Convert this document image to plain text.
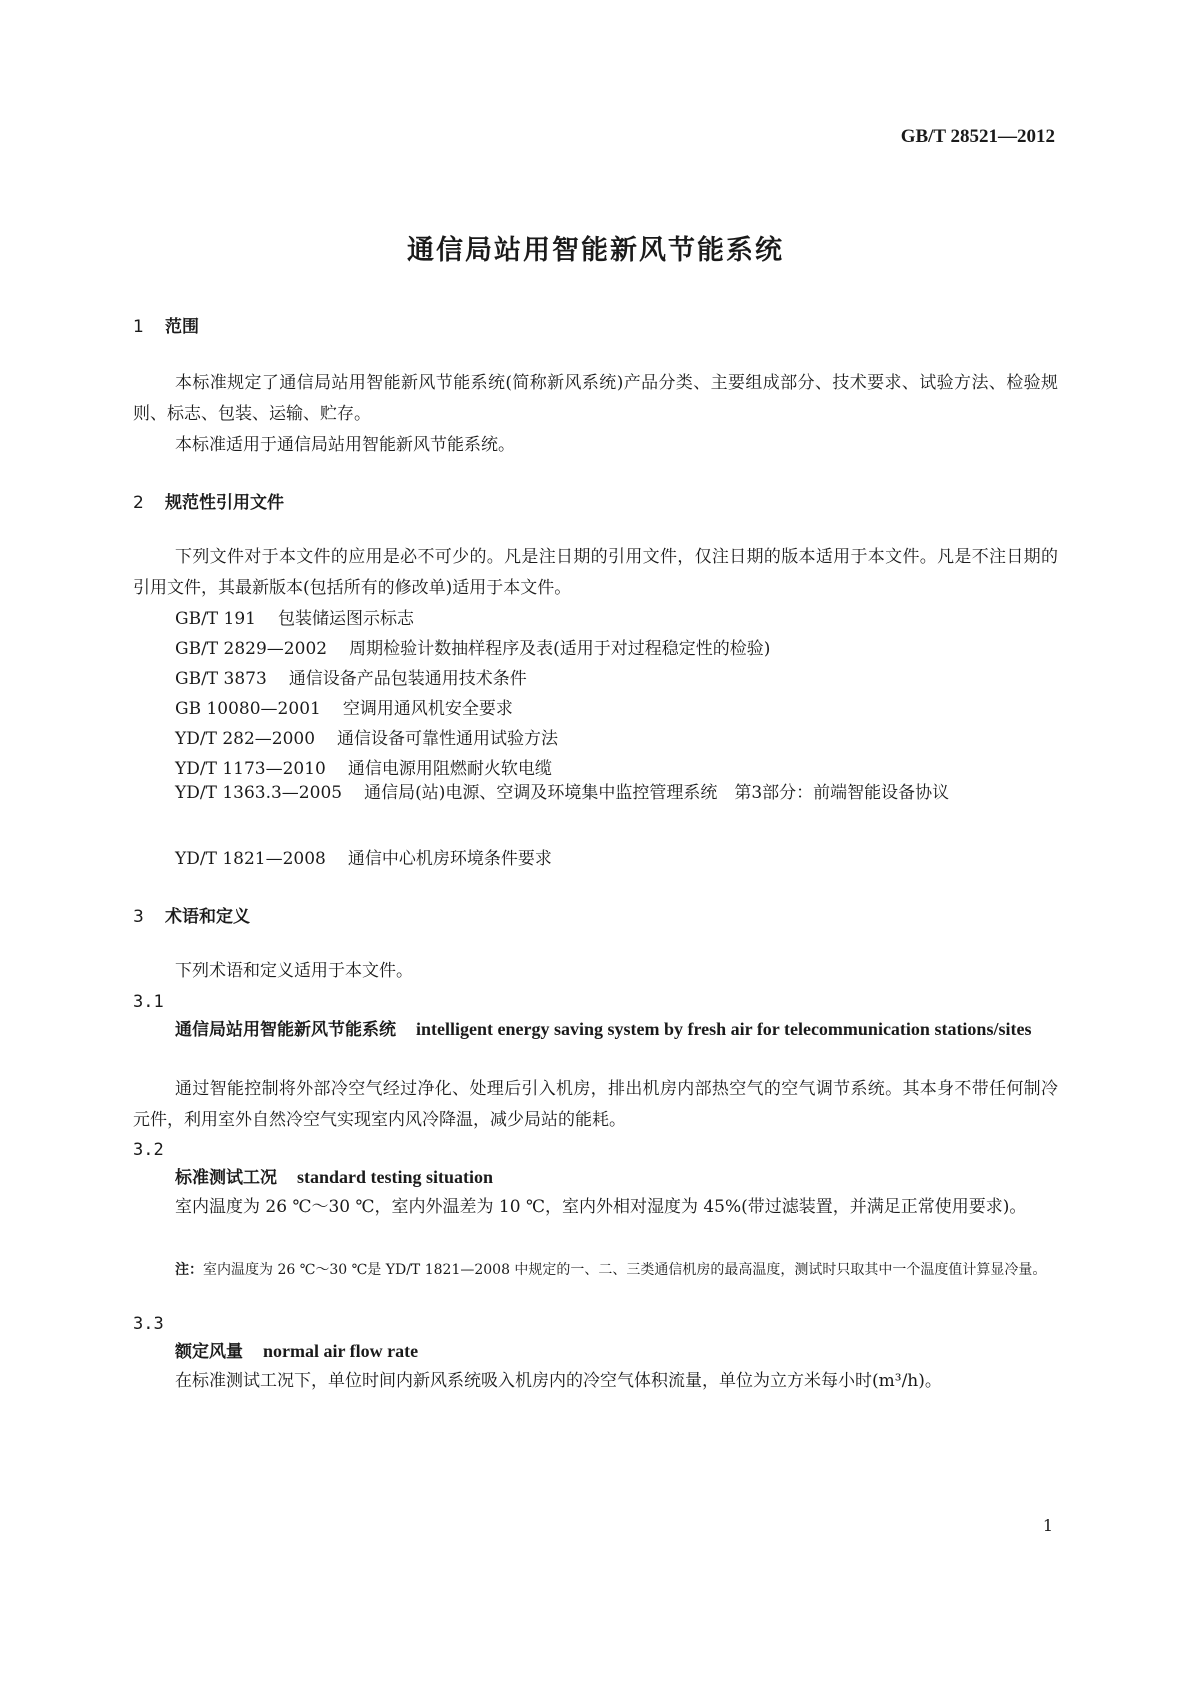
GB/T 28521—2012
通信局站用智能新风节能系统
1 范围
本标准规定了通信局站用智能新风节能系统(简称新风系统)产品分类、主要组成部分、技术要求、试验方法、检验规则、标志、包装、运输、贮存。
本标准适用于通信局站用智能新风节能系统。
2 规范性引用文件
下列文件对于本文件的应用是必不可少的。凡是注日期的引用文件，仅注日期的版本适用于本文件。凡是不注日期的引用文件，其最新版本(包括所有的修改单)适用于本文件。
GB/T 191 包装储运图示标志
GB/T 2829—2002 周期检验计数抽样程序及表(适用于对过程稳定性的检验)
GB/T 3873 通信设备产品包装通用技术条件
GB 10080—2001 空调用通风机安全要求
YD/T 282—2000 通信设备可靠性通用试验方法
YD/T 1173—2010 通信电源用阻燃耐火软电缆
YD/T 1363.3—2005 通信局(站)电源、空调及环境集中监控管理系统　第3部分：前端智能设备协议
YD/T 1821—2008 通信中心机房环境条件要求
3 术语和定义
下列术语和定义适用于本文件。
3.1
通信局站用智能新风节能系统 intelligent energy saving system by fresh air for telecommunication stations/sites
通过智能控制将外部冷空气经过净化、处理后引入机房，排出机房内部热空气的空气调节系统。其本身不带任何制冷元件，利用室外自然冷空气实现室内风冷降温，减少局站的能耗。
3.2
标准测试工况 standard testing situation
室内温度为 26 ℃～30 ℃，室内外温差为 10 ℃，室内外相对湿度为 45%(带过滤装置，并满足正常使用要求)。
注：室内温度为 26 ℃～30 ℃是 YD/T 1821—2008 中规定的一、二、三类通信机房的最高温度，测试时只取其中一个温度值计算显冷量。
3.3
额定风量 normal air flow rate
在标准测试工况下，单位时间内新风系统吸入机房内的冷空气体积流量，单位为立方米每小时(m³/h)。
1
